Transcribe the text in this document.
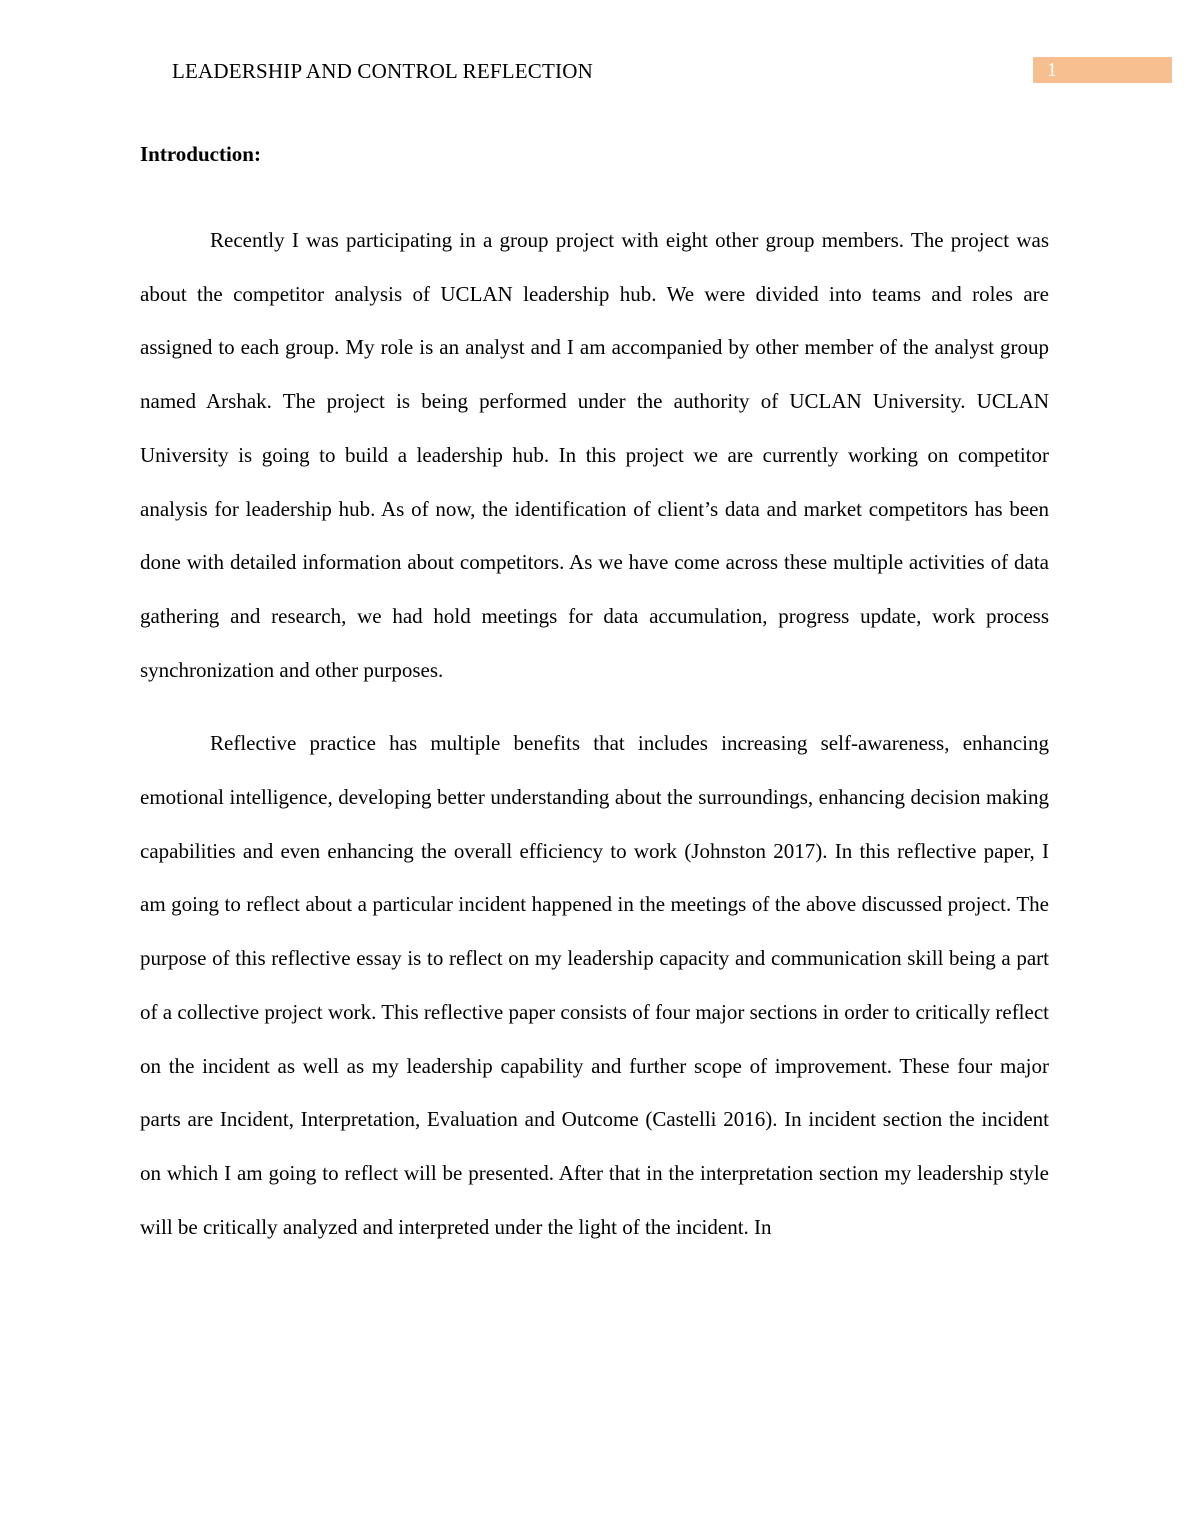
LEADERSHIP AND CONTROL REFLECTION	1
Introduction:

Recently I was participating in a group project with eight other group members. The project was about the competitor analysis of UCLAN leadership hub. We were divided into teams and roles are assigned to each group. My role is an analyst and I am accompanied by other member of the analyst group named Arshak. The project is being performed under the authority of UCLAN University. UCLAN University is going to build a leadership hub. In this project we are currently working on competitor analysis for leadership hub. As of now, the identification of client’s data and market competitors has been done with detailed information about competitors. As we have come across these multiple activities of data gathering and research, we had hold meetings for data accumulation, progress update, work process synchronization and other purposes.

Reflective practice has multiple benefits that includes increasing self-awareness, enhancing emotional intelligence, developing better understanding about the surroundings, enhancing decision making capabilities and even enhancing the overall efficiency to work (Johnston 2017). In this reflective paper, I am going to reflect about a particular incident happened in the meetings of the above discussed project. The purpose of this reflective essay is to reflect on my leadership capacity and communication skill being a part of a collective project work. This reflective paper consists of four major sections in order to critically reflect on the incident as well as my leadership capability and further scope of improvement. These four major parts are Incident, Interpretation, Evaluation and Outcome (Castelli 2016). In incident section the incident on which I am going to reflect will be presented. After that in the interpretation section my leadership style will be critically analyzed and interpreted under the light of the incident. In
